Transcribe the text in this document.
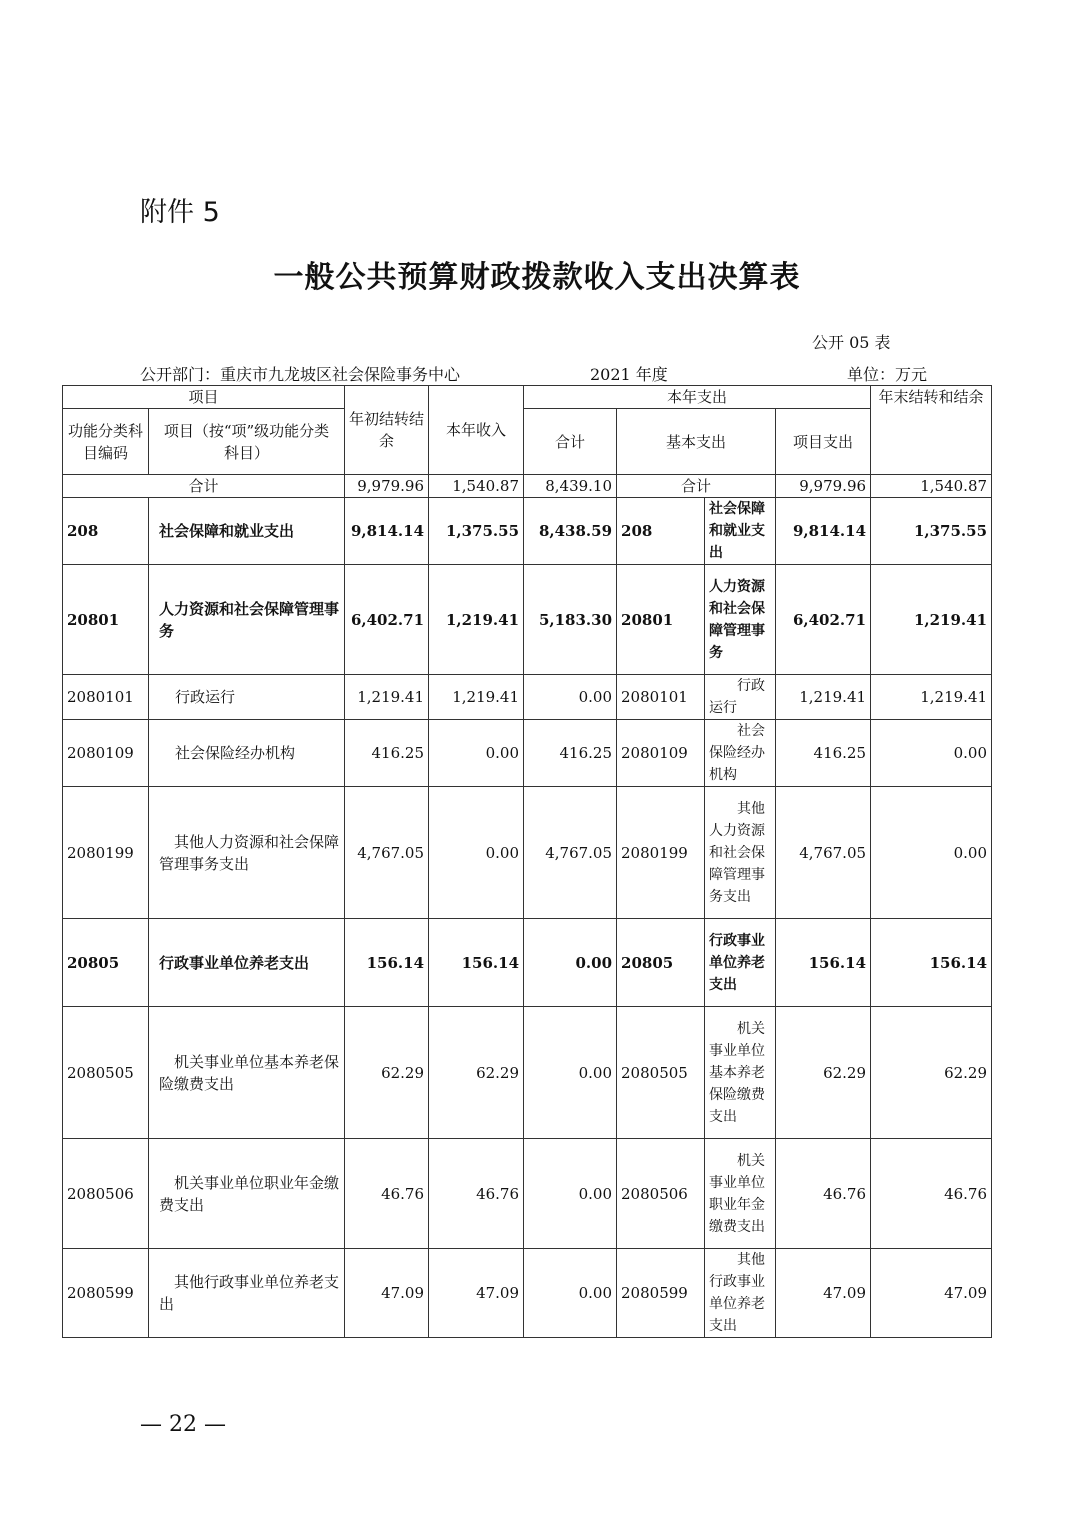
附件 5
一般公共预算财政拨款收入支出决算表
公开 05 表
公开部门：重庆市九龙坡区社会保险事务中心	2021 年度	单位：万元
项目		年初结转结余	本年收入	本年支出				年末结转和结余
功能分类科目编码	项目（按“项”级功能分类科目）			合计	基本支出		项目支出	
合计		9,979.96	1,540.87	8,439.10	合计		9,979.96	1,540.87
208	社会保障和就业支出	9,814.14	1,375.55	8,438.59	208	社会保障和就业支出	9,814.14	1,375.55
20801	人力资源和社会保障管理事务	6,402.71	1,219.41	5,183.30	20801	人力资源和社会保障管理事务	6,402.71	1,219.41
2080101	行政运行	1,219.41	1,219.41	0.00	2080101	行政运行	1,219.41	1,219.41
2080109	社会保险经办机构	416.25	0.00	416.25	2080109	社会保险经办机构	416.25	0.00
2080199	其他人力资源和社会保障管理事务支出	4,767.05	0.00	4,767.05	2080199	其他人力资源和社会保障管理事务支出	4,767.05	0.00
20805	行政事业单位养老支出	156.14	156.14	0.00	20805	行政事业单位养老支出	156.14	156.14
2080505	机关事业单位基本养老保险缴费支出	62.29	62.29	0.00	2080505	机关事业单位基本养老保险缴费支出	62.29	62.29
2080506	机关事业单位职业年金缴费支出	46.76	46.76	0.00	2080506	机关事业单位职业年金缴费支出	46.76	46.76
2080599	其他行政事业单位养老支出	47.09	47.09	0.00	2080599	其他行政事业单位养老支出	47.09	47.09
— 22 —
